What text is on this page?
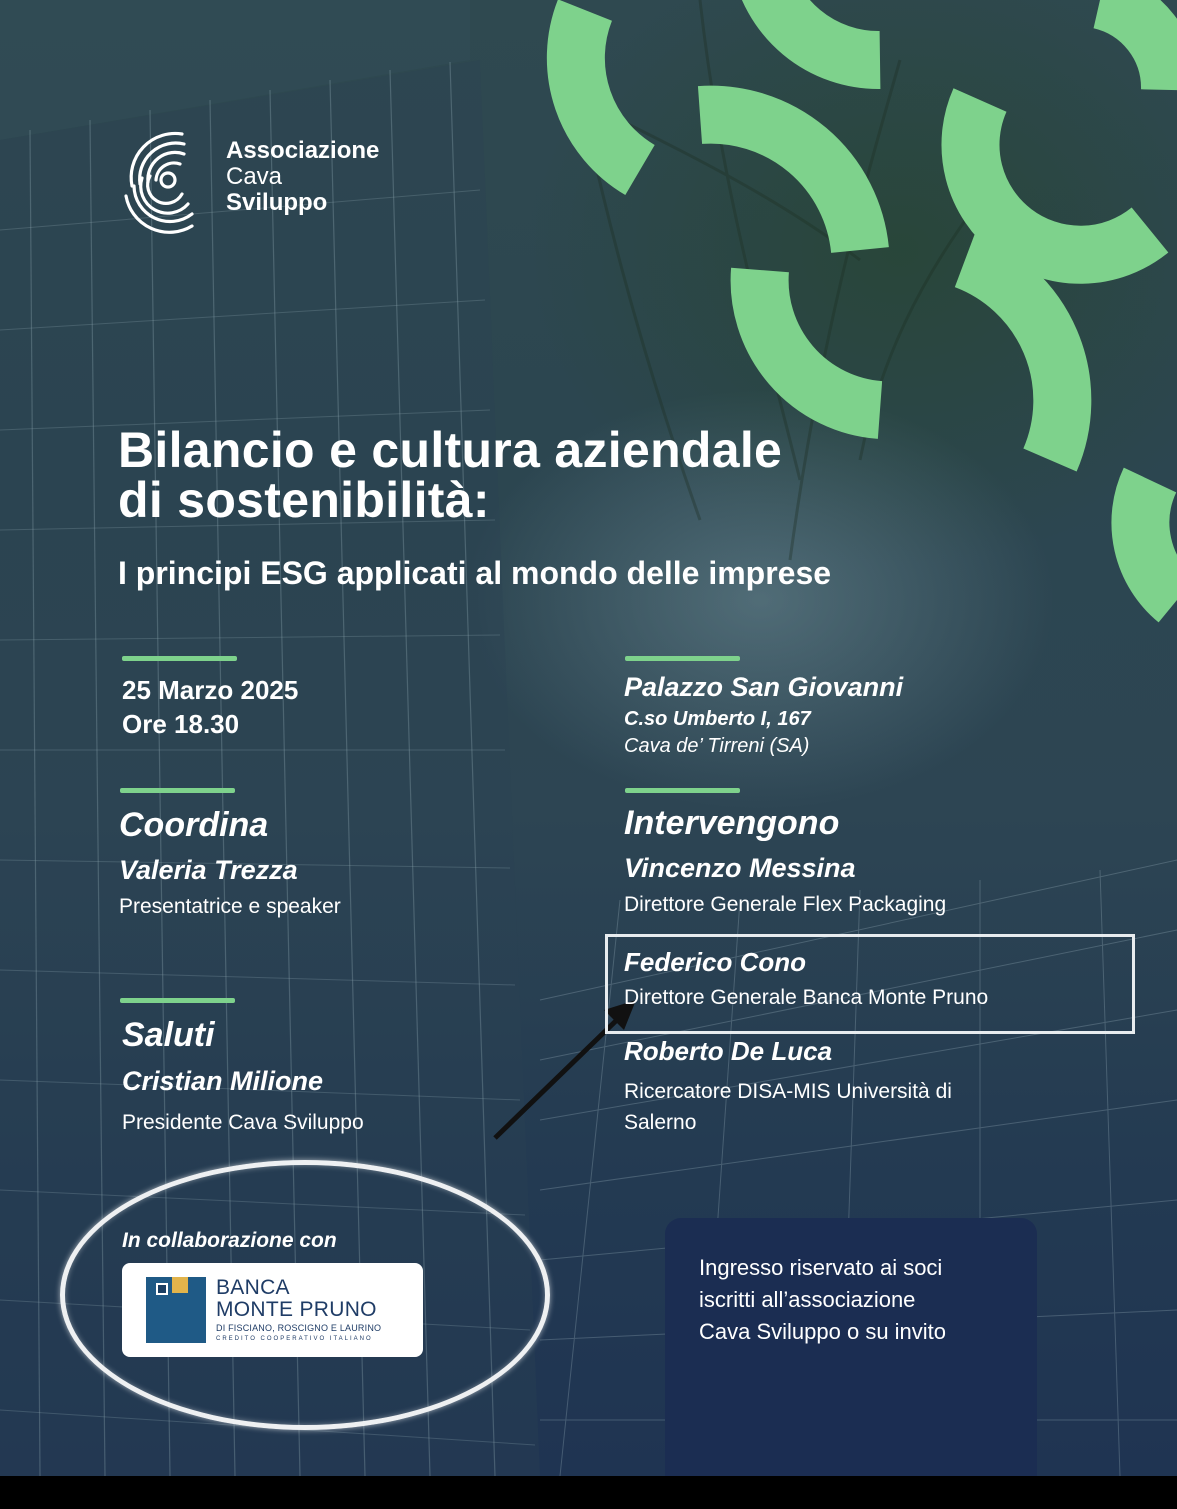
Associazione
Cava
Sviluppo
Bilancio e cultura aziendale
di sostenibilità:
I principi ESG applicati al mondo delle imprese
25 Marzo 2025
Ore 18.30
Palazzo San Giovanni
C.so Umberto I, 167
Cava de’ Tirreni (SA)
Coordina
Valeria Trezza
Presentatrice e speaker
Intervengono
Vincenzo Messina
Direttore Generale Flex Packaging
Federico Cono
Direttore Generale Banca Monte Pruno
Roberto De Luca
Ricercatore DISA-MIS Università di
Salerno
Saluti
Cristian Milione
Presidente Cava Sviluppo
In collaborazione con
BANCA
MONTE PRUNO
DI FISCIANO, ROSCIGNO E LAURINO
CREDITO COOPERATIVO ITALIANO
Ingresso riservato ai soci
iscritti all’associazione
Cava Sviluppo o su invito
